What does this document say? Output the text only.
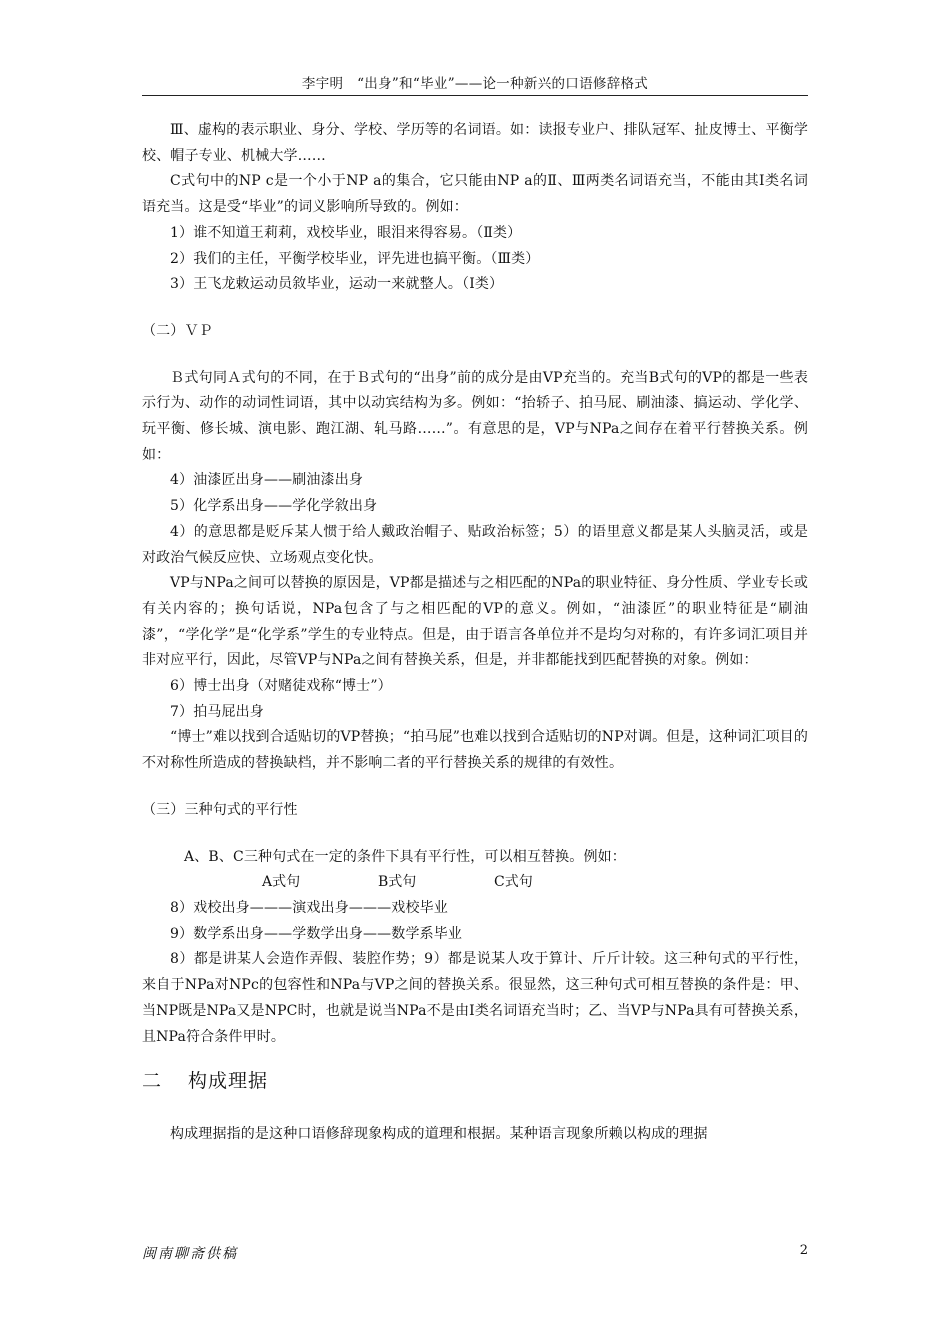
李宇明　“出身”和“毕业”——论一种新兴的口语修辞格式

Ⅲ、虚构的表示职业、身分、学校、学历等的名词语。如：读报专业户、排队冠军、扯皮博士、平衡学校、帽子专业、机械大学……

C式句中的NP c是一个小于NP a的集合，它只能由NP a的Ⅱ、Ⅲ两类名词语充当，不能由其Ⅰ类名词语充当。这是受“毕业”的词义影响所导致的。例如：

1）谁不知道王莉莉，戏校毕业，眼泪来得容易。（Ⅱ类）

2）我们的主任，平衡学校毕业，评先进也搞平衡。（Ⅲ类）

3）王飞龙敕运动员敘毕业，运动一来就整人。（Ⅰ类）

（二）ＶＰ

Ｂ式句同Ａ式句的不同，在于Ｂ式句的“出身”前的成分是由VP充当的。充当B式句的VP的都是一些表示行为、动作的动词性词语，其中以动宾结构为多。例如：“抬轿子、拍马屁、刷油漆、搞运动、学化学、玩平衡、修长城、演电影、跑江湖、轧马路……”。有意思的是，VP与NPa之间存在着平行替换关系。例如：

4）油漆匠出身——刷油漆出身

5）化学系出身——学化学敘出身

4）的意思都是贬斥某人惯于给人戴政治帽子、贴政治标签；5）的语里意义都是某人头脑灵活，或是对政治气候反应快、立场观点变化快。

VP与NPa之间可以替换的原因是，VP都是描述与之相匹配的NPa的职业特征、身分性质、学业专长或有关内容的；换句话说，NPa包含了与之相匹配的VP的意义。例如，“油漆匠”的职业特征是“刷油漆”，“学化学”是“化学系”学生的专业特点。但是，由于语言各单位并不是均匀对称的，有许多词汇项目并非对应平行，因此，尽管VP与NPa之间有替换关系，但是，并非都能找到匹配替换的对象。例如：

6）博士出身（对赌徒戏称“博士”）

7）拍马屁出身

“博士”难以找到合适贴切的VP替换；“拍马屁”也难以找到合适贴切的NP对调。但是，这种词汇项目的不对称性所造成的替换缺档，并不影响二者的平行替换关系的规律的有效性。

（三）三种句式的平行性

A、B、C三种句式在一定的条件下具有平行性，可以相互替换。例如：

A式句	B式句	C式句

8）戏校出身———演戏出身———戏校毕业

9）数学系出身——学数学出身——数学系毕业

8）都是讲某人会造作弄假、装腔作势；9）都是说某人攻于算计、斤斤计较。这三种句式的平行性，来自于NPa对NPc的包容性和NPa与VP之间的替换关系。很显然，这三种句式可相互替换的条件是：甲、当NP既是NPa又是NPC时，也就是说当NPa不是由Ⅰ类名词语充当时；乙、当VP与NPa具有可替换关系，且NPa符合条件甲时。

二 构成理据

构成理据指的是这种口语修辞现象构成的道理和根据。某种语言现象所赖以构成的理据

闽南聊斋供稿	2
